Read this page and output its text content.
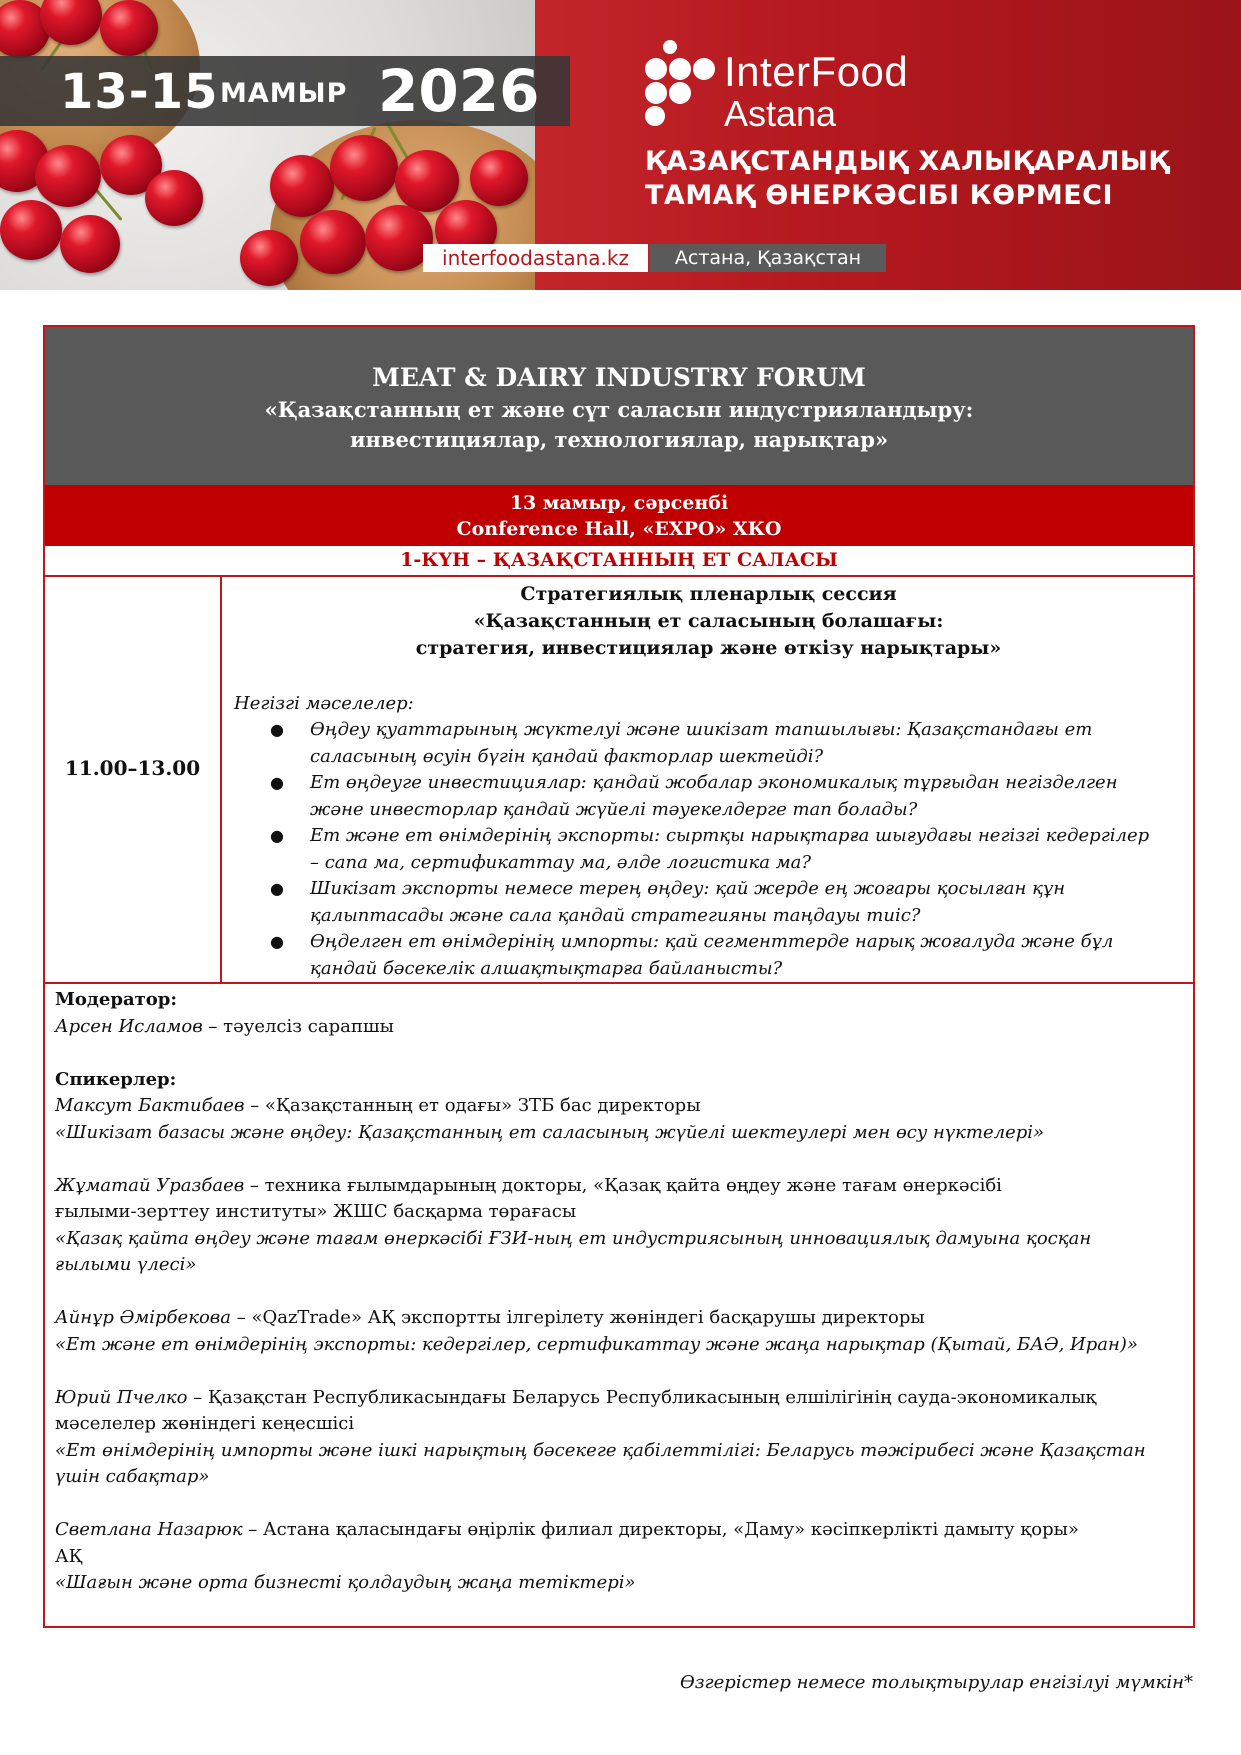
13-15 МАМЫР 2026	InterFood
Astana
ҚАЗАҚСТАНДЫҚ ХАЛЫҚАРАЛЫҚ
ТАМАҚ ӨНЕРКӘСІБІ КӨРМЕСІ
interfoodastana.kz	Астана, Қазақстан
MEAT & DAIRY INDUSTRY FORUM
«Қазақстанның ет және сүт саласын индустрияландыру:
инвестициялар, технологиялар, нарықтар»
13 мамыр, сәрсенбі
Conference Hall, «EXPO» ХКО
1-КҮН – ҚАЗАҚСТАННЫҢ ЕТ САЛАСЫ
11.00–13.00
Стратегиялық пленарлық сессия
«Қазақстанның ет саласының болашағы:
стратегия, инвестициялар және өткізу нарықтары»
Негізгі мәселелер:
● Өңдеу қуаттарының жүктелуі және шикізат тапшылығы: Қазақстандағы ет
саласының өсуін бүгін қандай факторлар шектейді?
● Ет өңдеуге инвестициялар: қандай жобалар экономикалық тұрғыдан негізделген
және инвесторлар қандай жүйелі тәуекелдерге тап болады?
● Ет және ет өнімдерінің экспорты: сыртқы нарықтарға шығудағы негізгі кедергілер
– сапа ма, сертификаттау ма, әлде логистика ма?
● Шикізат экспорты немесе терең өңдеу: қай жерде ең жоғары қосылған құн
қалыптасады және сала қандай стратегияны таңдауы тиіс?
● Өңделген ет өнімдерінің импорты: қай сегменттерде нарық жоғалуда және бұл
қандай бәсекелік алшақтықтарға байланысты?
Модератор:
Арсен Исламов – тәуелсіз сарапшы
Спикерлер:
Максут Бактибаев – «Қазақстанның ет одағы» ЗТБ бас директоры
«Шикізат базасы және өңдеу: Қазақстанның ет саласының жүйелі шектеулері мен өсу нүктелері»
Жұматай Уразбаев – техника ғылымдарының докторы, «Қазақ қайта өңдеу және тағам өнеркәсібі
ғылыми-зерттеу институты» ЖШС басқарма төрағасы
«Қазақ қайта өңдеу және тағам өнеркәсібі ҒЗИ-ның ет индустриясының инновациялық дамуына қосқан
ғылыми үлесі»
Айнұр Әмірбекова – «QazTrade» АҚ экспортты ілгерілету жөніндегі басқарушы директоры
«Ет және ет өнімдерінің экспорты: кедергілер, сертификаттау және жаңа нарықтар (Қытай, БАӘ, Иран)»
Юрий Пчелко – Қазақстан Республикасындағы Беларусь Республикасының елшілігінің сауда-экономикалық
мәселелер жөніндегі кеңесшісі
«Ет өнімдерінің импорты және ішкі нарықтың бәсекеге қабілеттілігі: Беларусь тәжірибесі және Қазақстан
үшін сабақтар»
Светлана Назарюк – Астана қаласындағы өңірлік филиал директоры, «Даму» кәсіпкерлікті дамыту қоры»
АҚ
«Шағын және орта бизнесті қолдаудың жаңа тетіктері»
Өзгерістер немесе толықтырулар енгізілуі мүмкін*
